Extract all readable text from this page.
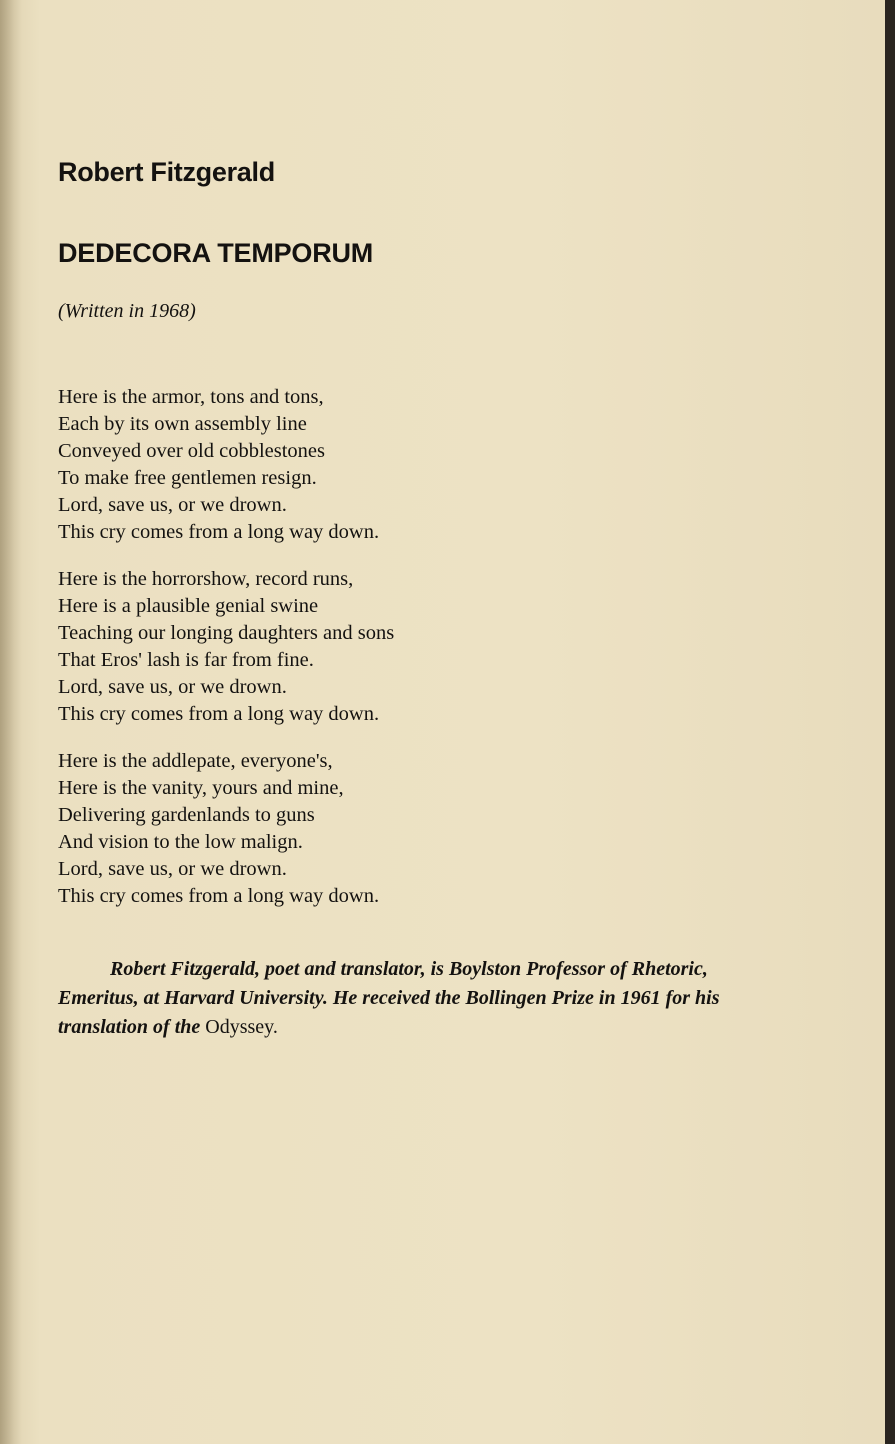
Robert Fitzgerald
DEDECORA TEMPORUM

(Written in 1968)

Here is the armor, tons and tons,
Each by its own assembly line
Conveyed over old cobblestones
To make free gentlemen resign.
Lord, save us, or we drown.
This cry comes from a long way down.
Here is the horrorshow, record runs,
Here is a plausible genial swine
Teaching our longing daughters and sons
That Eros' lash is far from fine.
Lord, save us, or we drown.
This cry comes from a long way down.
Here is the addlepate, everyone's,
Here is the vanity, yours and mine,
Delivering gardenlands to guns
And vision to the low malign.
Lord, save us, or we drown.
This cry comes from a long way down.

Robert Fitzgerald, poet and translator, is Boylston Professor of Rhetoric, Emeritus, at Harvard University. He received the Bollingen Prize in 1961 for his translation of the Odyssey.
